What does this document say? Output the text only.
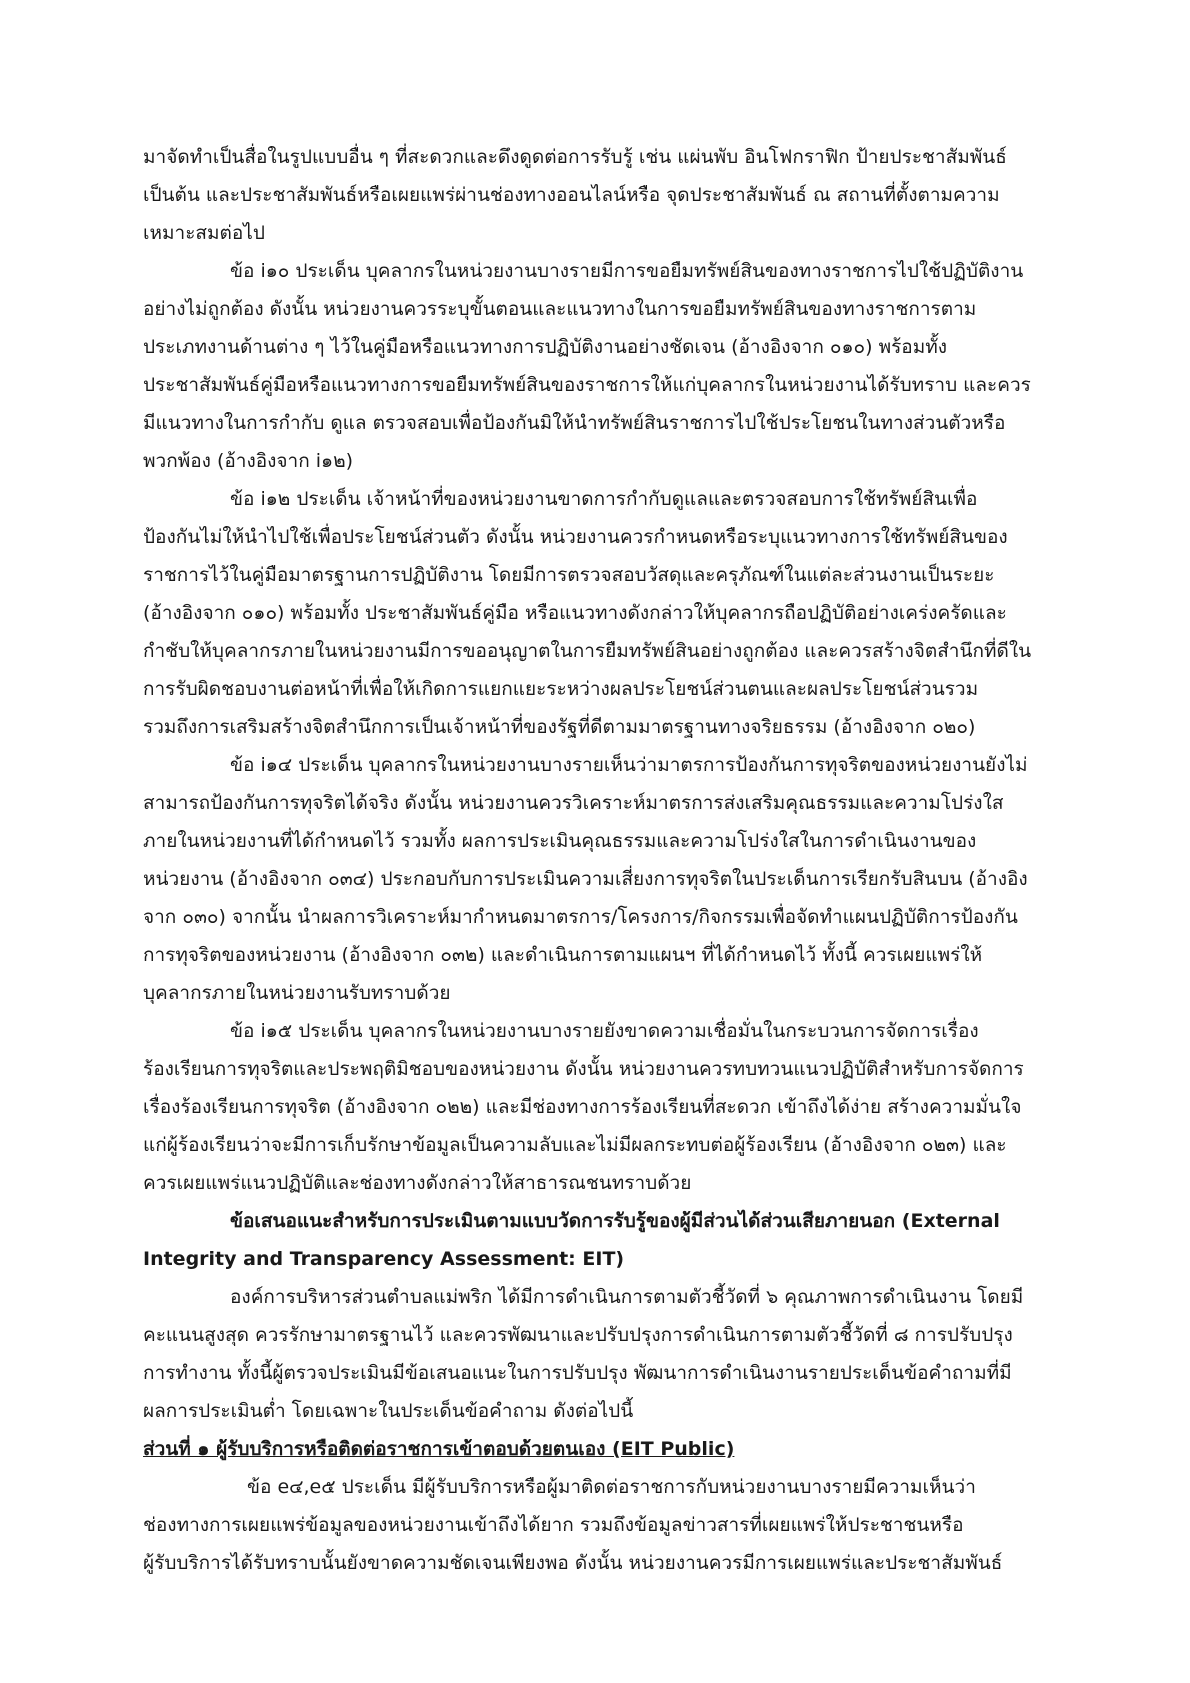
มาจัดทำเป็นสื่อในรูปแบบอื่น ๆ ที่สะดวกและดึงดูดต่อการรับรู้ เช่น แผ่นพับ อินโฟกราฟิก ป้ายประชาสัมพันธ์
เป็นต้น และประชาสัมพันธ์หรือเผยแพร่ผ่านช่องทางออนไลน์หรือ จุดประชาสัมพันธ์ ณ สถานที่ตั้งตามความ
เหมาะสมต่อไป
ข้อ i๑๐ ประเด็น บุคลากรในหน่วยงานบางรายมีการขอยืมทรัพย์สินของทางราชการไปใช้ปฏิบัติงาน
อย่างไม่ถูกต้อง ดังนั้น หน่วยงานควรระบุขั้นตอนและแนวทางในการขอยืมทรัพย์สินของทางราชการตาม
ประเภทงานด้านต่าง ๆ ไว้ในคู่มือหรือแนวทางการปฏิบัติงานอย่างชัดเจน (อ้างอิงจาก ๐๑๐) พร้อมทั้ง
ประชาสัมพันธ์คู่มือหรือแนวทางการขอยืมทรัพย์สินของราชการให้แก่บุคลากรในหน่วยงานได้รับทราบ และควร
มีแนวทางในการกำกับ ดูแล ตรวจสอบเพื่อป้องกันมิให้นำทรัพย์สินราชการไปใช้ประโยชนในทางส่วนตัวหรือ
พวกพ้อง (อ้างอิงจาก i๑๒)
ข้อ i๑๒ ประเด็น เจ้าหน้าที่ของหน่วยงานขาดการกำกับดูแลและตรวจสอบการใช้ทรัพย์สินเพื่อ
ป้องกันไม่ให้นำไปใช้เพื่อประโยชน์ส่วนตัว ดังนั้น หน่วยงานควรกำหนดหรือระบุแนวทางการใช้ทรัพย์สินของ
ราชการไว้ในคู่มือมาตรฐานการปฏิบัติงาน โดยมีการตรวจสอบวัสดุและครุภัณฑ์ในแต่ละส่วนงานเป็นระยะ
(อ้างอิงจาก ๐๑๐) พร้อมทั้ง ประชาสัมพันธ์คู่มือ หรือแนวทางดังกล่าวให้บุคลากรถือปฏิบัติอย่างเคร่งครัดและ
กำชับให้บุคลากรภายในหน่วยงานมีการขออนุญาตในการยืมทรัพย์สินอย่างถูกต้อง และควรสร้างจิตสำนึกที่ดีใน
การรับผิดชอบงานต่อหน้าที่เพื่อให้เกิดการแยกแยะระหว่างผลประโยชน์ส่วนตนและผลประโยชน์ส่วนรวม
รวมถึงการเสริมสร้างจิตสำนึกการเป็นเจ้าหน้าที่ของรัฐที่ดีตามมาตรฐานทางจริยธรรม (อ้างอิงจาก ๐๒๐)
ข้อ i๑๔ ประเด็น บุคลากรในหน่วยงานบางรายเห็นว่ามาตรการป้องกันการทุจริตของหน่วยงานยังไม่
สามารถป้องกันการทุจริตได้จริง ดังนั้น หน่วยงานควรวิเคราะห์มาตรการส่งเสริมคุณธรรมและความโปร่งใส
ภายในหน่วยงานที่ได้กำหนดไว้ รวมทั้ง ผลการประเมินคุณธรรมและความโปร่งใสในการดำเนินงานของ
หน่วยงาน (อ้างอิงจาก ๐๓๔) ประกอบกับการประเมินความเสี่ยงการทุจริตในประเด็นการเรียกรับสินบน (อ้างอิง
จาก ๐๓๐) จากนั้น นำผลการวิเคราะห์มากำหนดมาตรการ/โครงการ/กิจกรรมเพื่อจัดทำแผนปฏิบัติการป้องกัน
การทุจริตของหน่วยงาน (อ้างอิงจาก ๐๓๒) และดำเนินการตามแผนฯ ที่ได้กำหนดไว้ ทั้งนี้ ควรเผยแพร่ให้
บุคลากรภายในหน่วยงานรับทราบด้วย
ข้อ i๑๕ ประเด็น บุคลากรในหน่วยงานบางรายยังขาดความเชื่อมั่นในกระบวนการจัดการเรื่อง
ร้องเรียนการทุจริตและประพฤติมิชอบของหน่วยงาน ดังนั้น หน่วยงานควรทบทวนแนวปฏิบัติสำหรับการจัดการ
เรื่องร้องเรียนการทุจริต (อ้างอิงจาก ๐๒๒) และมีช่องทางการร้องเรียนที่สะดวก เข้าถึงได้ง่าย สร้างความมั่นใจ
แก่ผู้ร้องเรียนว่าจะมีการเก็บรักษาข้อมูลเป็นความลับและไม่มีผลกระทบต่อผู้ร้องเรียน (อ้างอิงจาก ๐๒๓) และ
ควรเผยแพร่แนวปฏิบัติและช่องทางดังกล่าวให้สาธารณชนทราบด้วย
ข้อเสนอแนะสำหรับการประเมินตามแบบวัดการรับรู้ของผู้มีส่วนได้ส่วนเสียภายนอก (External
Integrity and Transparency Assessment: EIT)
องค์การบริหารส่วนตำบลแม่พริก ได้มีการดำเนินการตามตัวชี้วัดที่ ๖ คุณภาพการดำเนินงาน โดยมี
คะแนนสูงสุด ควรรักษามาตรฐานไว้ และควรพัฒนาและปรับปรุงการดำเนินการตามตัวชี้วัดที่ ๘ การปรับปรุง
การทำงาน ทั้งนี้ผู้ตรวจประเมินมีข้อเสนอแนะในการปรับปรุง พัฒนาการดำเนินงานรายประเด็นข้อคำถามที่มี
ผลการประเมินต่ำ โดยเฉพาะในประเด็นข้อคำถาม ดังต่อไปนี้
ส่วนที่ ๑ ผู้รับบริการหรือติดต่อราชการเข้าตอบด้วยตนเอง (EIT Public)
ข้อ e๔,e๕ ประเด็น มีผู้รับบริการหรือผู้มาติดต่อราชการกับหน่วยงานบางรายมีความเห็นว่า
ช่องทางการเผยแพร่ข้อมูลของหน่วยงานเข้าถึงได้ยาก รวมถึงข้อมูลข่าวสารที่เผยแพร่ให้ประชาชนหรือ
ผู้รับบริการได้รับทราบนั้นยังขาดความชัดเจนเพียงพอ ดังนั้น หน่วยงานควรมีการเผยแพร่และประชาสัมพันธ์
